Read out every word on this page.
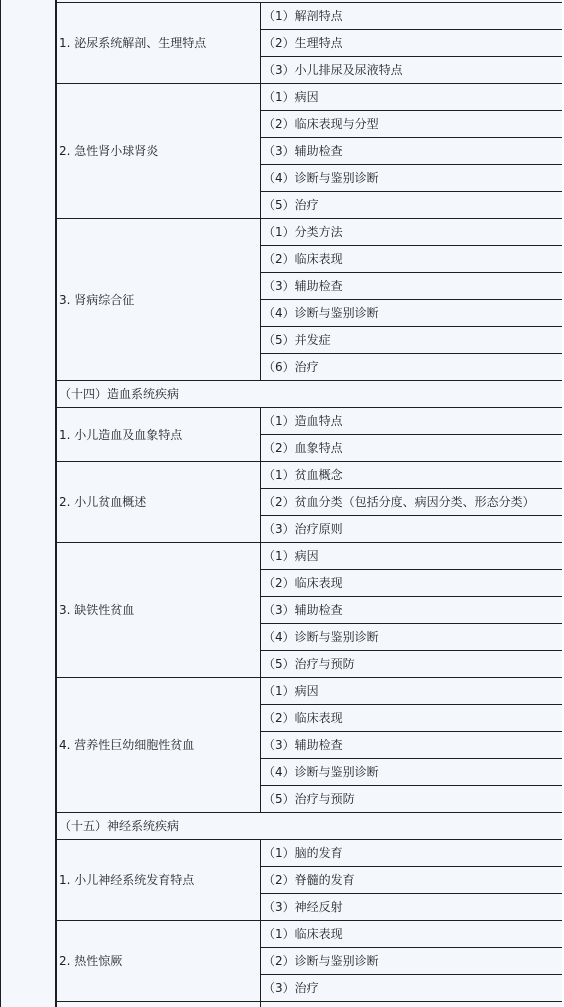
1. 泌尿系统解剖、生理特点	（1）解剖特点
	（2）生理特点
	（3）小儿排尿及尿液特点
2. 急性肾小球肾炎	（1）病因
	（2）临床表现与分型
	（3）辅助检查
	（4）诊断与鉴别诊断
	（5）治疗
3. 肾病综合征	（1）分类方法
	（2）临床表现
	（3）辅助检查
	（4）诊断与鉴别诊断
	（5）并发症
	（6）治疗
（十四）造血系统疾病	
1. 小儿造血及血象特点	（1）造血特点
	（2）血象特点
2. 小儿贫血概述	（1）贫血概念
	（2）贫血分类（包括分度、病因分类、形态分类）
	（3）治疗原则
3. 缺铁性贫血	（1）病因
	（2）临床表现
	（3）辅助检查
	（4）诊断与鉴别诊断
	（5）治疗与预防
4. 营养性巨幼细胞性贫血	（1）病因
	（2）临床表现
	（3）辅助检查
	（4）诊断与鉴别诊断
	（5）治疗与预防
（十五）神经系统疾病	
1. 小儿神经系统发育特点	（1）脑的发育
	（2）脊髓的发育
	（3）神经反射
2. 热性惊厥	（1）临床表现
	（2）诊断与鉴别诊断
	（3）治疗
